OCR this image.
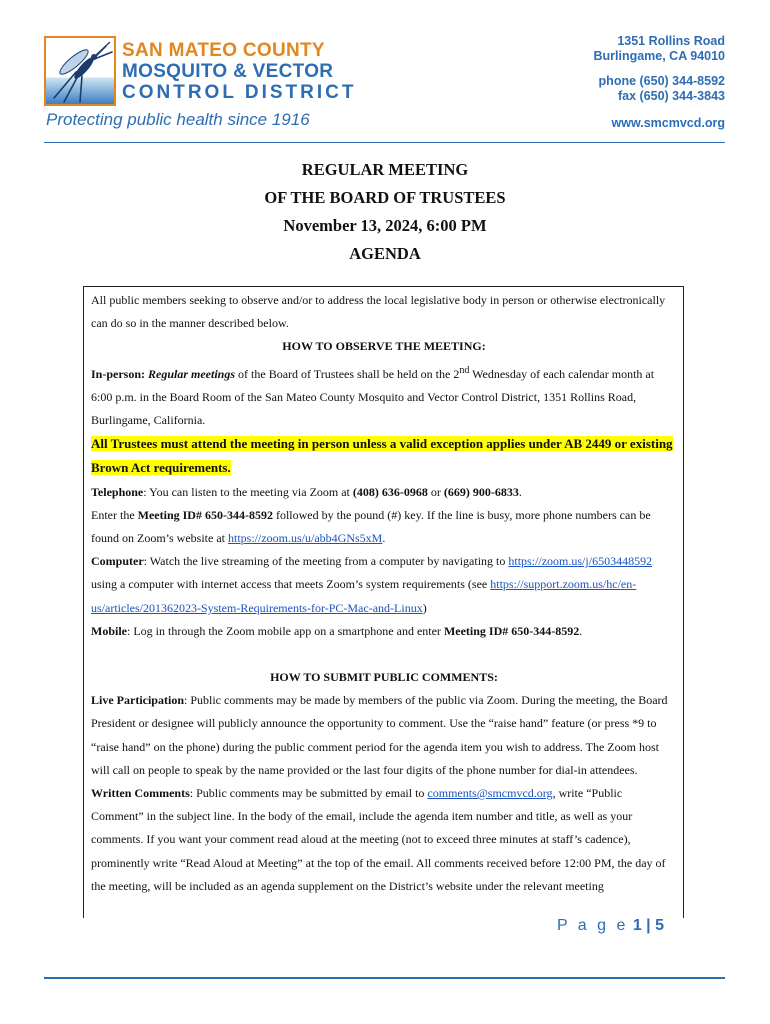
SAN MATEO COUNTY
MOSQUITO & VECTOR
CONTROL DISTRICT
Protecting public health since 1916
1351 Rollins Road
Burlingame, CA 94010
phone (650) 344-8592
fax (650) 344-3843
www.smcmvcd.org
REGULAR MEETING
OF THE BOARD OF TRUSTEES
November 13, 2024, 6:00 PM
AGENDA

All public members seeking to observe and/or to address the local legislative body in person or otherwise electronically can do so in the manner described below.

HOW TO OBSERVE THE MEETING:

In-person: Regular meetings of the Board of Trustees shall be held on the 2nd Wednesday of each calendar month at 6:00 p.m. in the Board Room of the San Mateo County Mosquito and Vector Control District, 1351 Rollins Road, Burlingame, California.

All Trustees must attend the meeting in person unless a valid exception applies under AB 2449 or existing Brown Act requirements.

Telephone: You can listen to the meeting via Zoom at (408) 636-0968 or (669) 900-6833.

Enter the Meeting ID# 650-344-8592 followed by the pound (#) key. If the line is busy, more phone numbers can be found on Zoom’s website at https://zoom.us/u/abb4GNs5xM.

Computer: Watch the live streaming of the meeting from a computer by navigating to https://zoom.us/j/6503448592 using a computer with internet access that meets Zoom’s system requirements (see https://support.zoom.us/hc/en-us/articles/201362023-System-Requirements-for-PC-Mac-and-Linux)

Mobile: Log in through the Zoom mobile app on a smartphone and enter Meeting ID# 650-344-8592.

HOW TO SUBMIT PUBLIC COMMENTS:

Live Participation: Public comments may be made by members of the public via Zoom. During the meeting, the Board President or designee will publicly announce the opportunity to comment. Use the “raise hand” feature (or press *9 to “raise hand” on the phone) during the public comment period for the agenda item you wish to address. The Zoom host will call on people to speak by the name provided or the last four digits of the phone number for dial-in attendees.

Written Comments: Public comments may be submitted by email to comments@smcmvcd.org, write “Public Comment” in the subject line. In the body of the email, include the agenda item number and title, as well as your comments. If you want your comment read aloud at the meeting (not to exceed three minutes at staff’s cadence), prominently write “Read Aloud at Meeting” at the top of the email. All comments received before 12:00 PM, the day of the meeting, will be included as an agenda supplement on the District’s website under the relevant meeting

P a g e 1 | 5
